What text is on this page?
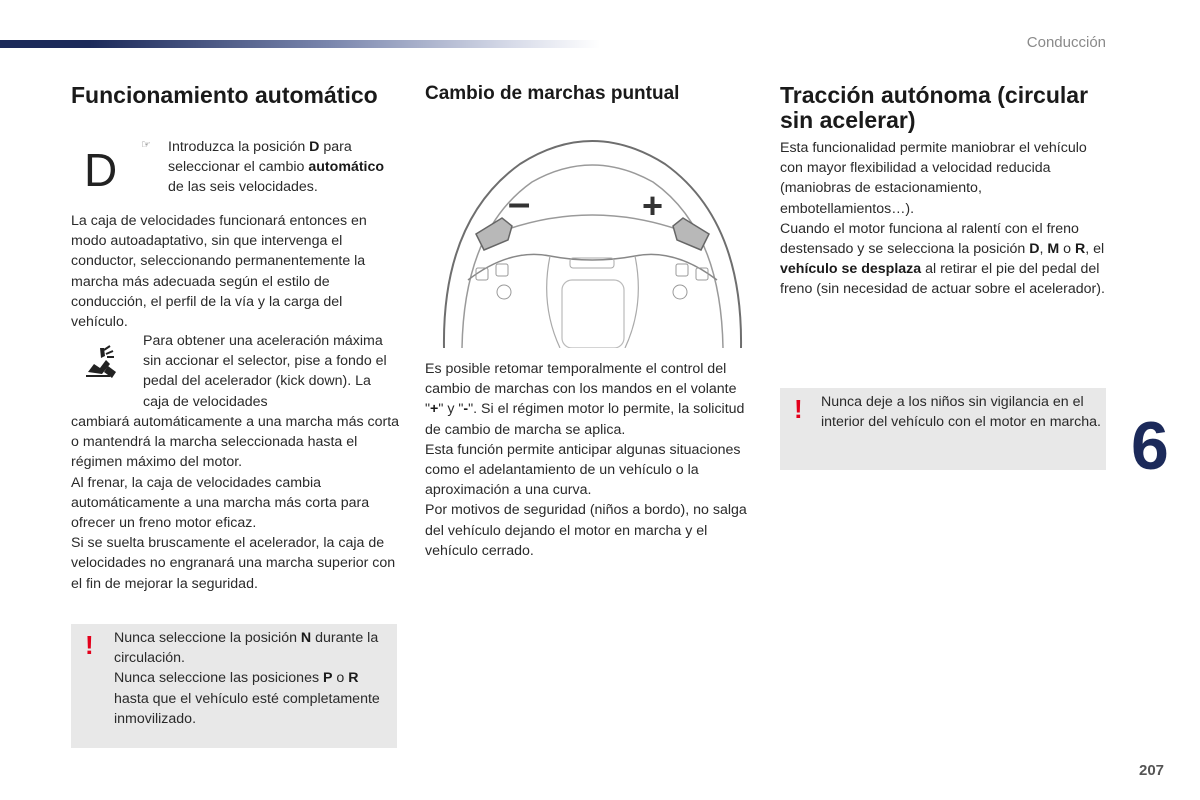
Conducción
Funcionamiento automático
D ☞ Introduzca la posición D para seleccionar el cambio automático de las seis velocidades.
La caja de velocidades funcionará entonces en modo autoadaptativo, sin que intervenga el conductor, seleccionando permanentemente la marcha más adecuada según el estilo de conducción, el perfil de la vía y la carga del vehículo.
Para obtener una aceleración máxima sin accionar el selector, pise a fondo el pedal del acelerador (kick down). La caja de velocidades
cambiará automáticamente a una marcha más corta o mantendrá la marcha seleccionada hasta el régimen máximo del motor.
Al frenar, la caja de velocidades cambia automáticamente a una marcha más corta para ofrecer un freno motor eficaz.
Si se suelta bruscamente el acelerador, la caja de velocidades no engranará una marcha superior con el fin de mejorar la seguridad.
! Nunca seleccione la posición N durante la circulación.
Nunca seleccione las posiciones P o R hasta que el vehículo esté completamente inmovilizado.
Cambio de marchas puntual
–	+
Es posible retomar temporalmente el control del cambio de marchas con los mandos en el volante "+" y "-". Si el régimen motor lo permite, la solicitud de cambio de marcha se aplica.
Esta función permite anticipar algunas situaciones como el adelantamiento de un vehículo o la aproximación a una curva.
Por motivos de seguridad (niños a bordo), no salga del vehículo dejando el motor en marcha y el vehículo cerrado.
Tracción autónoma (circular sin acelerar)
Esta funcionalidad permite maniobrar el vehículo con mayor flexibilidad a velocidad reducida (maniobras de estacionamiento, embotellamientos…).
Cuando el motor funciona al ralentí con el freno destensado y se selecciona la posición D, M o R, el vehículo se desplaza al retirar el pie del pedal del freno (sin necesidad de actuar sobre el acelerador).
! Nunca deje a los niños sin vigilancia en el interior del vehículo con el motor en marcha. 6
207
